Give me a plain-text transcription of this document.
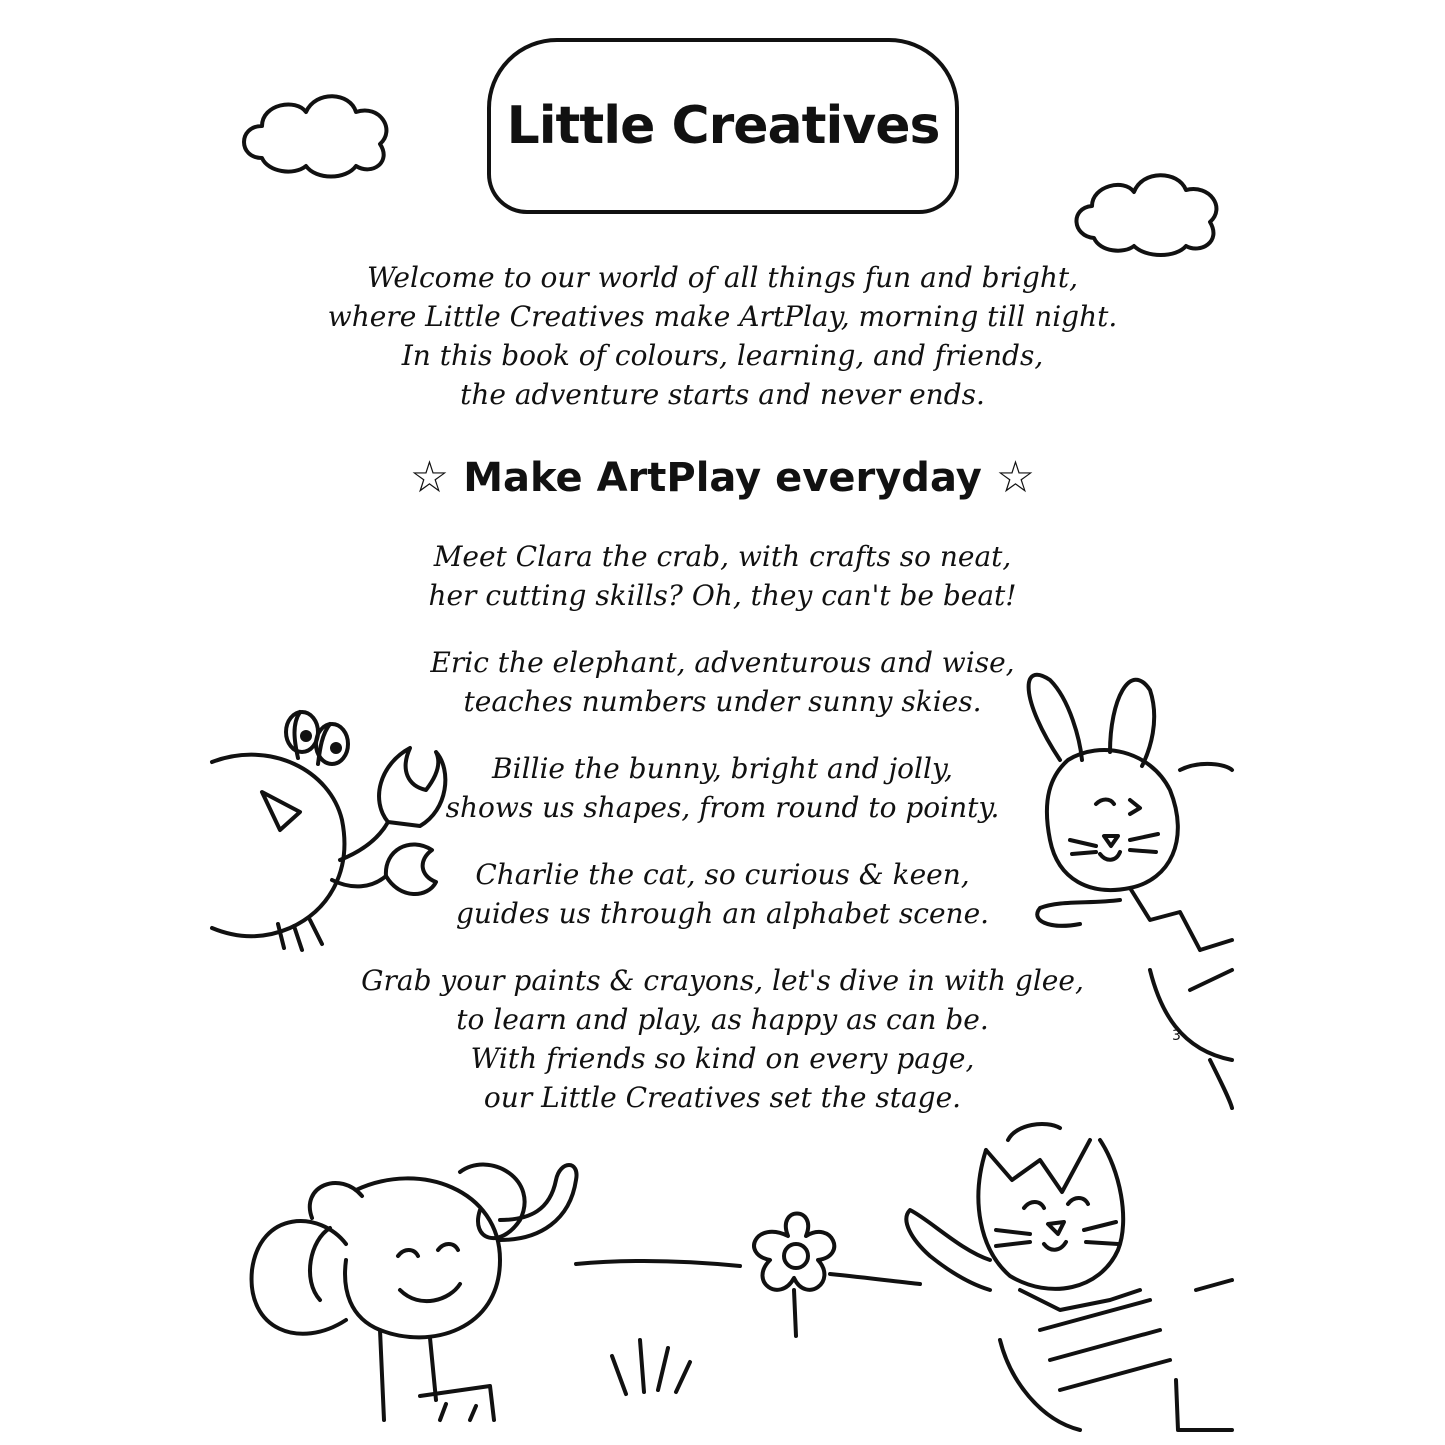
Little Creatives
Welcome to our world of all things fun and bright,
where Little Creatives make ArtPlay, morning till night.
In this book of colours, learning, and friends,
the adventure starts and never ends.
☆ Make ArtPlay everyday ☆
Meet Clara the crab, with crafts so neat,
her cutting skills? Oh, they can't be beat!
Eric the elephant, adventurous and wise,
teaches numbers under sunny skies.
Billie the bunny, bright and jolly,
shows us shapes, from round to pointy.
Charlie the cat, so curious & keen,
guides us through an alphabet scene.
Grab your paints & crayons, let's dive in with glee,
to learn and play, as happy as can be.
With friends so kind on every page,
our Little Creatives set the stage.
3
